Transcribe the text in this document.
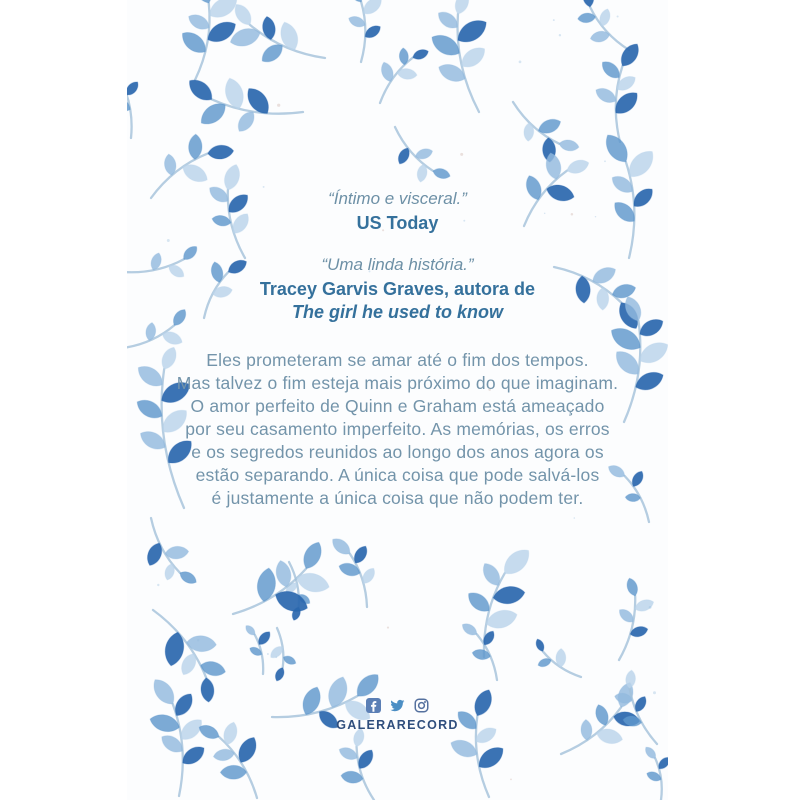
“Íntimo e visceral.”
US Today
“Uma linda história.”
Tracey Garvis Graves, autora de
The girl he used to know
Eles prometeram se amar até o fim dos tempos.
Mas talvez o fim esteja mais próximo do que imaginam.
O amor perfeito de Quinn e Graham está ameaçado
por seu casamento imperfeito. As memórias, os erros
e os segredos reunidos ao longo dos anos agora os
estão separando. A única coisa que pode salvá-los
é justamente a única coisa que não podem ter.
GALERARECORD
